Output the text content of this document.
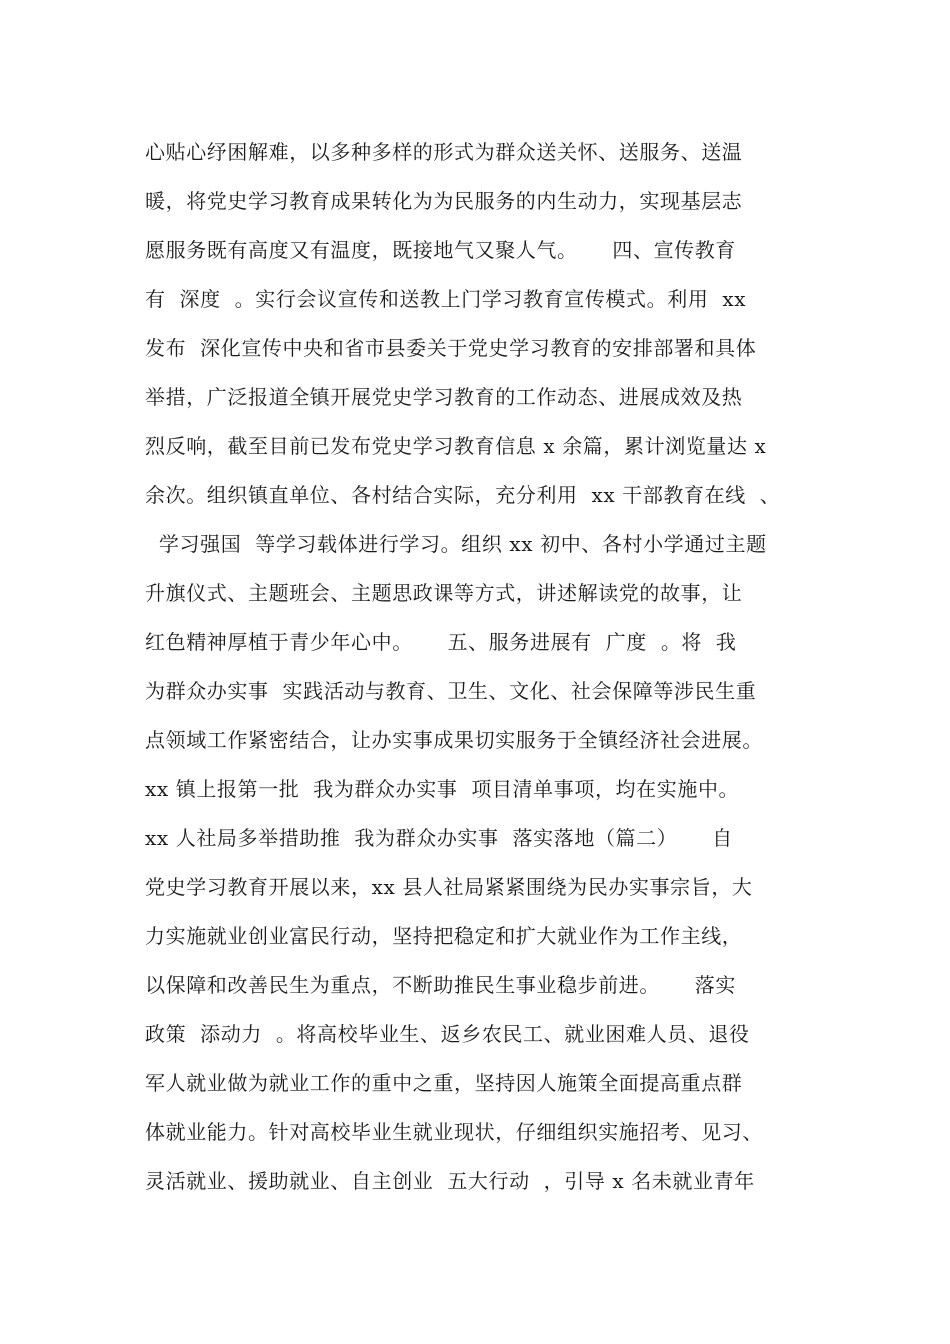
心贴心纾困解难，以多种多样的形式为群众送关怀、送服务、送温
暖，将党史学习教育成果转化为为民服务的内生动力，实现基层志
愿服务既有高度又有温度，既接地气又聚人气。     四、宣传教育
有  深度  。实行会议宣传和送教上门学习教育宣传模式。利用  xx
发布  深化宣传中央和省市县委关于党史学习教育的安排部署和具体
举措，广泛报道全镇开展党史学习教育的工作动态、进展成效及热
烈反响，截至目前已发布党史学习教育信息 x 余篇，累计浏览量达 x
余次。组织镇直单位、各村结合实际，充分利用  xx 干部教育在线  、
学习强国  等学习载体进行学习。组织 xx 初中、各村小学通过主题
升旗仪式、主题班会、主题思政课等方式，讲述解读党的故事，让
红色精神厚植于青少年心中。     五、服务进展有  广度  。将  我
为群众办实事  实践活动与教育、卫生、文化、社会保障等涉民生重
点领域工作紧密结合，让办实事成果切实服务于全镇经济社会进展。
xx 镇上报第一批  我为群众办实事  项目清单事项，均在实施中。
xx 人社局多举措助推  我为群众办实事  落实落地（篇二）     自
党史学习教育开展以来，xx 县人社局紧紧围绕为民办实事宗旨，大
力实施就业创业富民行动，坚持把稳定和扩大就业作为工作主线，
以保障和改善民生为重点，不断助推民生事业稳步前进。     落实
政策  添动力  。将高校毕业生、返乡农民工、就业困难人员、退役
军人就业做为就业工作的重中之重，坚持因人施策全面提高重点群
体就业能力。针对高校毕业生就业现状，仔细组织实施招考、见习、
灵活就业、援助就业、自主创业  五大行动  ，引导 x 名未就业青年
